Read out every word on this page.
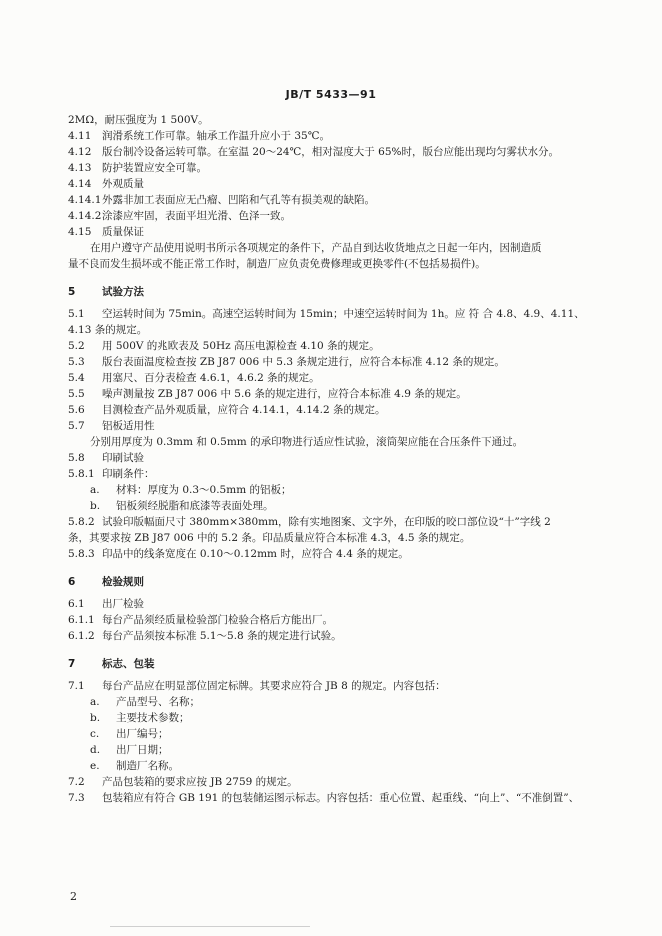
JB/T 5433—91
2MΩ，耐压强度为 1 500V。
4.11 润滑系统工作可靠。轴承工作温升应小于 35℃。
4.12 版台制冷设备运转可靠。在室温 20～24℃，相对湿度大于 65%时，版台应能出现均匀雾状水分。
4.13 防护装置应安全可靠。
4.14 外观质量
4.14.1外露非加工表面应无凸瘤、凹陷和气孔等有损美观的缺陷。
4.14.2涂漆应牢固，表面平坦光滑、色泽一致。
4.15 质量保证
在用户遵守产品使用说明书所示各项规定的条件下，产品自到达收货地点之日起一年内，因制造质
量不良而发生损坏或不能正常工作时，制造厂应负责免费修理或更换零件(不包括易损件)。
5	试验方法
5.1 空运转时间为 75min。高速空运转时间为 15min；中速空运转时间为 1h。应 符 合 4.8、4.9、4.11、
4.13 条的规定。
5.2 用 500V 的兆欧表及 50Hz 高压电源检查 4.10 条的规定。
5.3 版台表面温度检查按 ZB J87 006 中 5.3 条规定进行，应符合本标准 4.12 条的规定。
5.4 用塞尺、百分表检查 4.6.1，4.6.2 条的规定。
5.5 噪声测量按 ZB J87 006 中 5.6 条的规定进行，应符合本标准 4.9 条的规定。
5.6 目测检查产品外观质量，应符合 4.14.1，4.14.2 条的规定。
5.7 铝板适用性
分别用厚度为 0.3mm 和 0.5mm 的承印物进行适应性试验，滚筒架应能在合压条件下通过。
5.8 印刷试验
5.8.1 印刷条件：
a. 材料：厚度为 0.3～0.5mm 的铝板；
b. 铝板须经脱脂和底漆等表面处理。
5.8.2 试验印版幅面尺寸 380mm×380mm，除有实地图案、文字外，在印版的咬口部位设“十”字线 2
条，其要求按 ZB J87 006 中的 5.2 条。印品质量应符合本标准 4.3，4.5 条的规定。
5.8.3 印品中的线条宽度在 0.10～0.12mm 时，应符合 4.4 条的规定。
6	检验规则
6.1 出厂检验
6.1.1 每台产品须经质量检验部门检验合格后方能出厂。
6.1.2 每台产品须按本标准 5.1～5.8 条的规定进行试验。
7	标志、包装
7.1 每台产品应在明显部位固定标牌。其要求应符合 JB 8 的规定。内容包括：
a. 产品型号、名称；
b. 主要技术参数；
c. 出厂编号；
d. 出厂日期；
e. 制造厂名称。
7.2 产品包装箱的要求应按 JB 2759 的规定。
7.3 包装箱应有符合 GB 191 的包装储运图示标志。内容包括：重心位置、起重线、“向上”、“不准倒置”、
2
